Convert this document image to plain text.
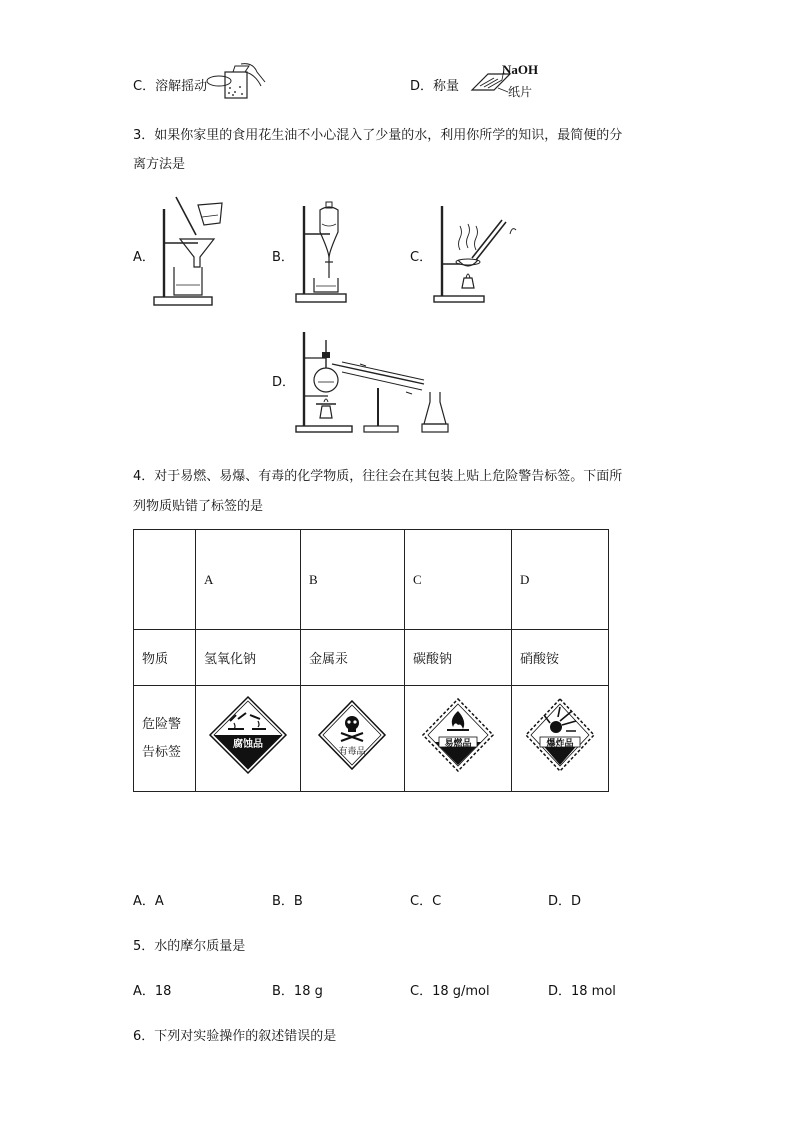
C．溶解摇动	D．称量
NaOH
纸片
3．如果你家里的食用花生油不小心混入了少量的水，利用你所学的知识，最简便的分
离方法是
A．	B．	C．
D．
4．对于易燃、易爆、有毒的化学物质，往往会在其包装上贴上危险警告标签。下面所
列物质贴错了标签的是
	A	B	C	D
物质	氢氧化钠	金属汞	碳酸钠	硝酸铵

危险警
告标签	腐蚀品	有毒品	易燃品	爆炸品
A．A	B．B	C．C	D．D
5．水的摩尔质量是
A．18	B．18 g	C．18 g/mol	D．18 mol
6．下列对实验操作的叙述错误的是
